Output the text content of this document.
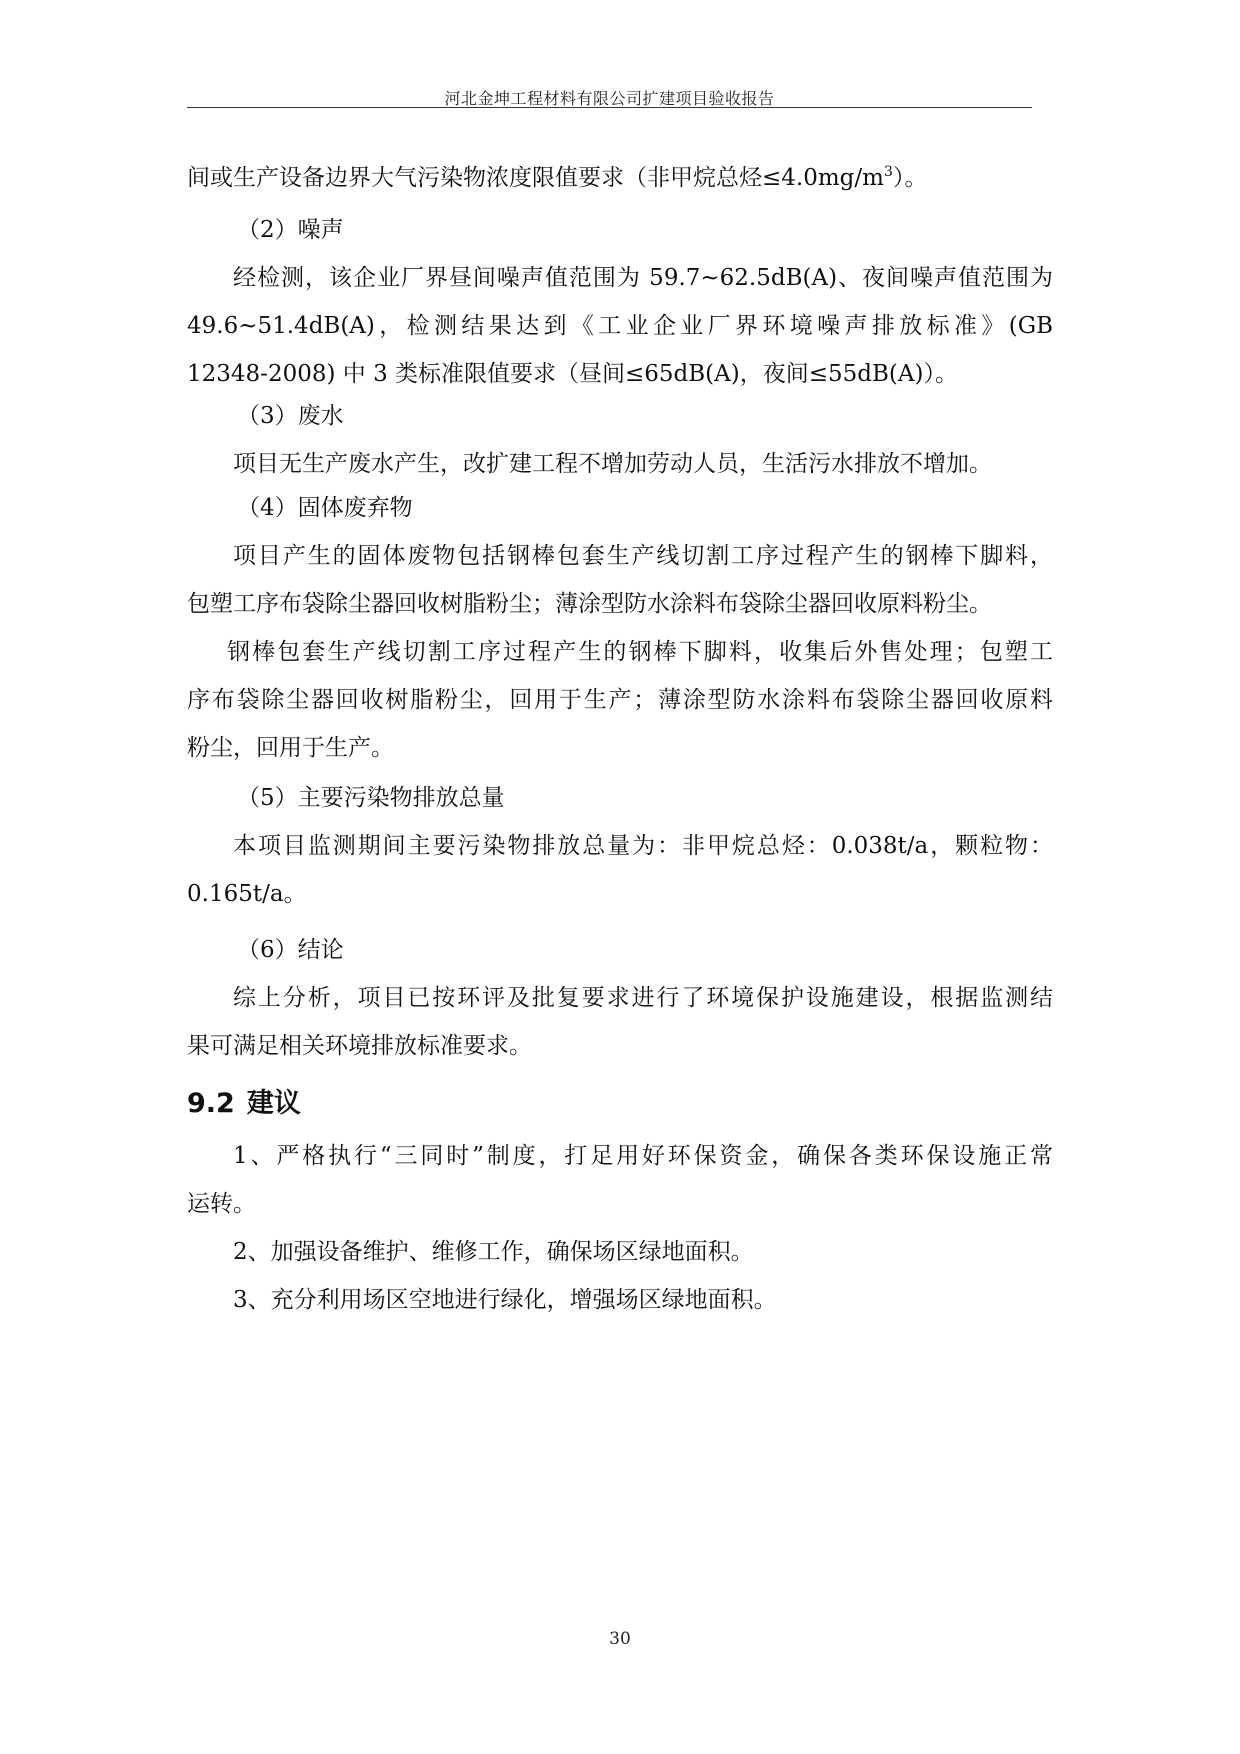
河北金坤工程材料有限公司扩建项目验收报告
间或生产设备边界大气污染物浓度限值要求（非甲烷总烃$\le 4.0mg/m^3$）。
（2）噪声
经检测，该企业厂界昼间噪声值范围为 59.7~62.5dB(A)、夜间噪声值范围为
49.6~51.4dB(A)，检测结果达到《工业企业厂界环境噪声排放标准》(GB
12348-2008) 中 3 类标准限值要求（昼间≤65dB(A)，夜间≤55dB(A)）。
（3）废水
项目无生产废水产生，改扩建工程不增加劳动人员，生活污水排放不增加。
（4）固体废弃物
项目产生的固体废物包括钢棒包套生产线切割工序过程产生的钢棒下脚料，
包塑工序布袋除尘器回收树脂粉尘；薄涂型防水涂料布袋除尘器回收原料粉尘。
钢棒包套生产线切割工序过程产生的钢棒下脚料，收集后外售处理；包塑工
序布袋除尘器回收树脂粉尘，回用于生产；薄涂型防水涂料布袋除尘器回收原料
粉尘，回用于生产。
（5）主要污染物排放总量
本项目监测期间主要污染物排放总量为：非甲烷总烃：0.038t/a，颗粒物：
0.165t/a。
（6）结论
综上分析，项目已按环评及批复要求进行了环境保护设施建设，根据监测结
果可满足相关环境排放标准要求。
9.2 建议
1、严格执行“三同时”制度，打足用好环保资金，确保各类环保设施正常
运转。
2、加强设备维护、维修工作，确保场区绿地面积。
3、充分利用场区空地进行绿化，增强场区绿地面积。
30
